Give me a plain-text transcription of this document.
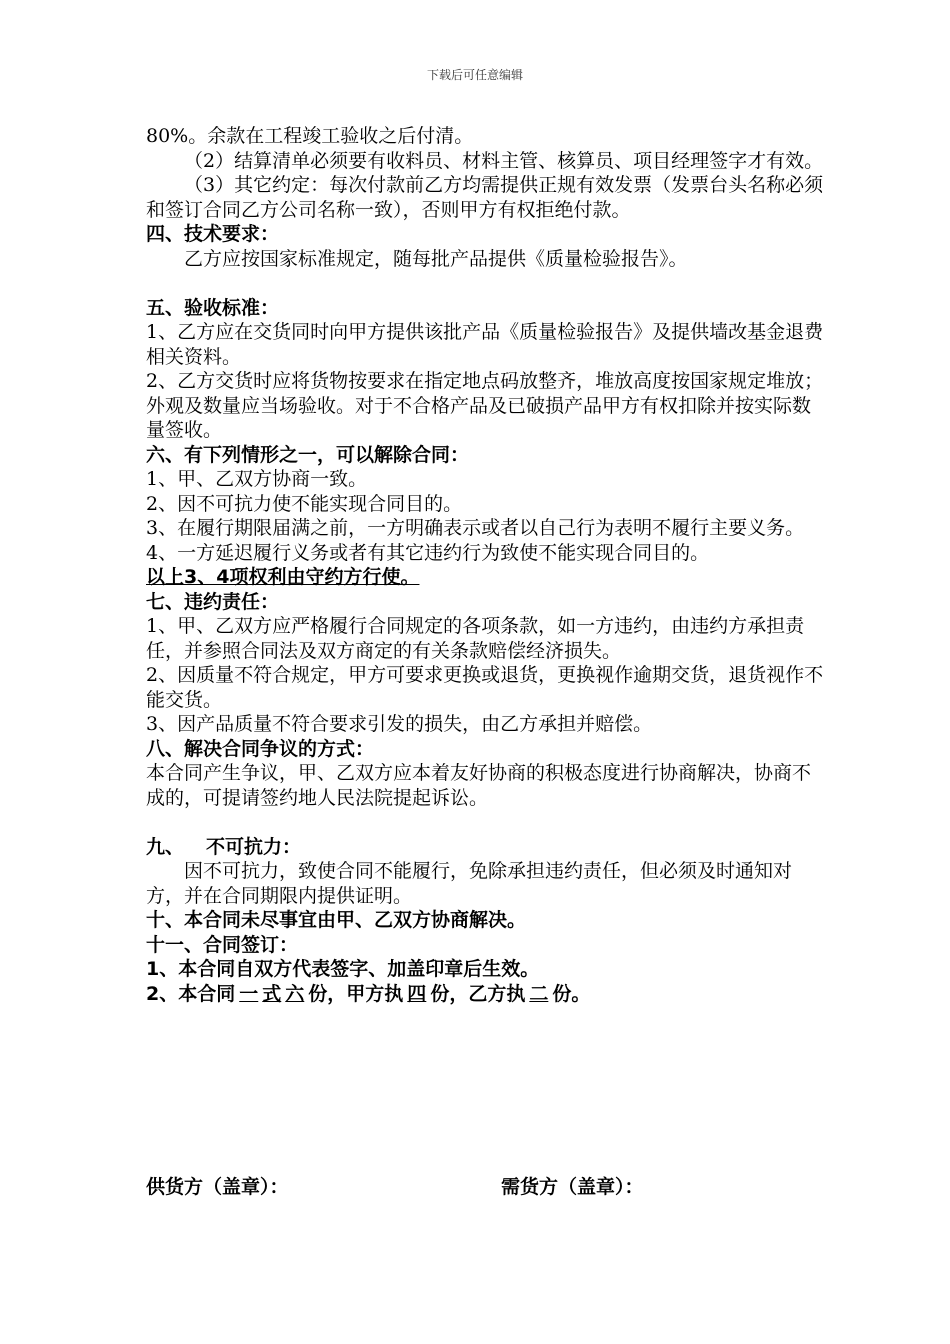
下载后可任意编辑

80%。余款在工程竣工验收之后付清。

（2）结算清单必须要有收料员、材料主管、核算员、项目经理签字才有效。

（3）其它约定：每次付款前乙方均需提供正规有效发票（发票台头名称必须和签订合同乙方公司名称一致），否则甲方有权拒绝付款。

四、技术要求：

乙方应按国家标准规定，随每批产品提供《质量检验报告》。

五、验收标准：

1、乙方应在交货同时向甲方提供该批产品《质量检验报告》及提供墙改基金退费相关资料。

2、乙方交货时应将货物按要求在指定地点码放整齐，堆放高度按国家规定堆放；外观及数量应当场验收。对于不合格产品及已破损产品甲方有权扣除并按实际数量签收。

六、有下列情形之一，可以解除合同：

1、甲、乙双方协商一致。

2、因不可抗力使不能实现合同目的。

3、在履行期限届满之前，一方明确表示或者以自己行为表明不履行主要义务。

4、一方延迟履行义务或者有其它违约行为致使不能实现合同目的。

以上3、4项权利由守约方行使。

七、违约责任：

1、甲、乙双方应严格履行合同规定的各项条款，如一方违约，由违约方承担责任，并参照合同法及双方商定的有关条款赔偿经济损失。

2、因质量不符合规定，甲方可要求更换或退货，更换视作逾期交货，退货视作不能交货。

3、因产品质量不符合要求引发的损失，由乙方承担并赔偿。

八、解决合同争议的方式：

本合同产生争议，甲、乙双方应本着友好协商的积极态度进行协商解决，协商不成的，可提请签约地人民法院提起诉讼。

九、 不可抗力：

因不可抗力，致使合同不能履行，免除承担违约责任，但必须及时通知对方，并在合同期限内提供证明。

十、本合同未尽事宜由甲、乙双方协商解决。

十一、合同签订：

1、本合同自双方代表签字、加盖印章后生效。

2、本合同 一 式 六 份，甲方执 四 份，乙方执 二 份。

供货方（盖章）：	需货方（盖章）：
